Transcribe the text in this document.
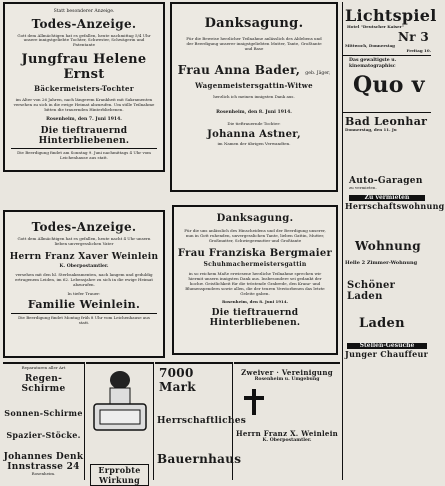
Statt besonderer Anzeige.
Todes-Anzeige.
Gott dem Allmächtigen hat es gefallen, heute nachmittag 5/4 Uhr unsere innigstgeliebte Tochter, Schwester, Schwägerin und Patentante
Jungfrau Helene Ernst
Bäckermeisters-Tochter
im Alter von 26 Jahren, nach längerem Krankheit mit Sakramenten versehen zu sich in die ewige Heimat abzurufen. Um stille Teilnahme bitten die trauernden Hinterbliebenen.
Rosenheim, den 7. Juni 1914.
Die tieftrauernd Hinterbliebenen.
Die Beerdigung findet am Sonntag 9. Juni nachmittags 4 Uhr vom Leichenhause aus statt.
Danksagung.
Für die Beweise herzlicher Teilnahme anlässlich des Ablebens und der Beerdigung unserer innigstgeliebten Mutter, Tante, Großtante und Base
Frau Anna Bader, geb. Jäger,
Wagenmeistersgattin-Witwe
herzlich ich meinen innigsten Dank aus.
Rosenheim, den 8. Juni 1914.
Die tieftrauernde Tochter:
Johanna Astner,
im Namen der übrigen Verwandten.
Todes-Anzeige.
Gott dem Allmächtigen hat es gefallen, heute nacht 4 Uhr unsern lieben unvergesslichen Vater
Herrn Franz Xaver Weinlein
K. Oberpostamtler.
versehen mit den hl. Sterbsakramenten, nach langem und geduldig ertragenem Leiden, im 62. Lebensjahre zu sich in die ewige Heimat abzurufen.
In tiefer Trauer:
Familie Weinlein.
Die Beerdigung findet Montag früh 8 Uhr vom Leichenhause aus statt.
Danksagung.
Für die uns anlässlich des Hinscheidens und der Beerdigung unserer, nun in Gott ruhenden, unvergesslichen Tante, lieben Gattin, Mutter, Großmutter, Schwiegermutter und Großtante
Frau Franziska Bergmaier
Schuhmachermeistersgattin
in so reichem Maße erwiesene herzliche Teilnahme sprechen wir hiermit unsern innigsten Dank aus. Insbesondere sei gedankt der hochw. Geistlichkeit für die tröstende Grabrede, den Kranz- und Blumenspendern sowie allen, die der teuren Verstorbenen das letzte Geleite gaben.
Rosenheim, den 8. Juni 1914.
Die tieftrauernd Hinterbliebenen.
Lichtspiel
Hotel "Deutscher Kaiser"
Nr 3
Mittwoch, Donnerstag
Freitag 10.
Das gewaltigste u.
kinematographisc
Quo v
Bad Leonhar
Donnerstag, den 11. Ju
Auto-Garagen
zu vermieten.
Zu vermieten
Herrschaftswohnung
Wohnung
Helle 2 Zimmer-Wohnung
Schöner Laden
Laden
Stellen-Gesuche
Junger Chauffeur
Reparaturen aller Art
Regen-Schirme
Sonnen-Schirme
Spazier-Stöcke.
Johannes Denk
Innstrasse 24
Rosenheim.	Erprobte Wirkung
7000 Mark
Herrschaftliches
Bauernhaus
Zweiver · Vereinigung
Rosenheim u. Umgebung
Herrn Franz X. Weinlein
K. Oberpostamtler.
